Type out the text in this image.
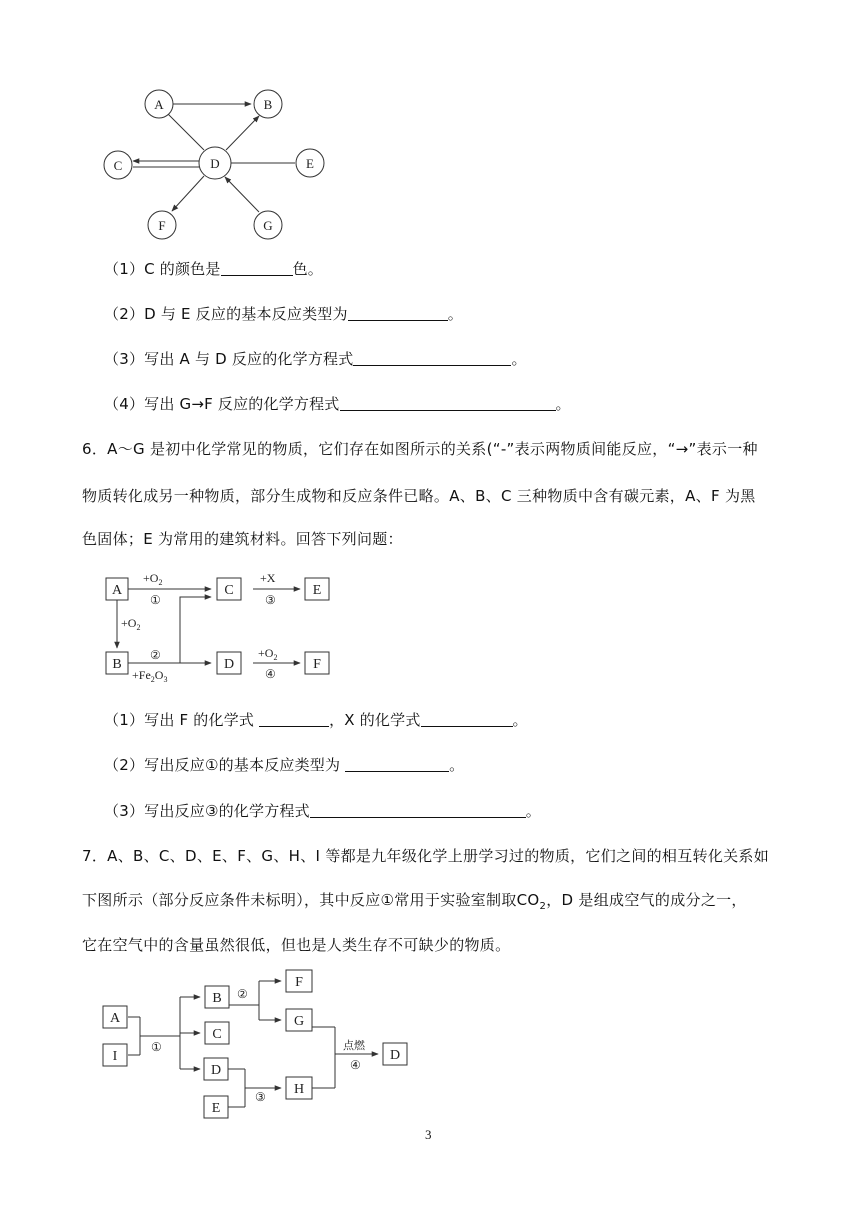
A	B
C	D	E
F	G
（1）C 的颜色是	色。
（2）D 与 E 反应的基本反应类型为	。
（3）写出 A 与 D 反应的化学方程式	。
（4）写出 G→F 反应的化学方程式	。
6．A～G 是初中化学常见的物质，它们存在如图所示的关系(“-”表示两物质间能反应，“→”表示一种
物质转化成另一种物质，部分生成物和反应条件已略。A、B、C 三种物质中含有碳元素，A、F 为黑
色固体；E 为常用的建筑材料。回答下列问题：
A
B
C
D
E
F
$+O_2$
①
+X
③
$+O_2$
②
$+Fe_2O_3$
$+O_2$
④
（1）写出 F 的化学式	，X 的化学式	。
（2）写出反应①的基本反应类型为	。
（3）写出反应③的化学方程式	。
7．A、B、C、D、E、F、G、H、I 等都是九年级化学上册学习过的物质，它们之间的相互转化关系如
下图所示（部分反应条件未标明），其中反应①常用于实验室制取$CO_2$，D 是组成空气的成分之一，
它在空气中的含量虽然很低，但也是人类生存不可缺少的物质。
A
I
B
C
D
E
F
G
H
D
①
②
③
④
点燃
3
